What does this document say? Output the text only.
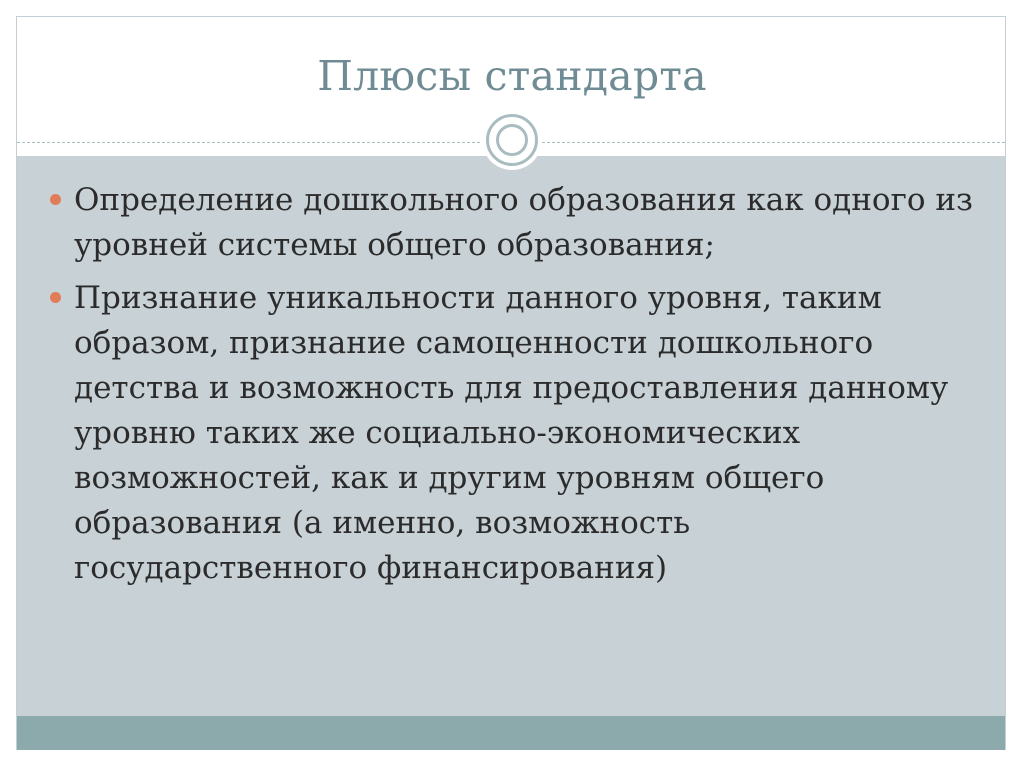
Плюсы стандарта
Определение дошкольного образования как одного из уровней системы общего образования;
Признание уникальности данного уровня, таким образом, признание самоценности дошкольного детства и возможность для предоставления данному уровню таких же социально-экономических возможностей, как и другим уровням общего образования (а именно, возможность государственного финансирования)
